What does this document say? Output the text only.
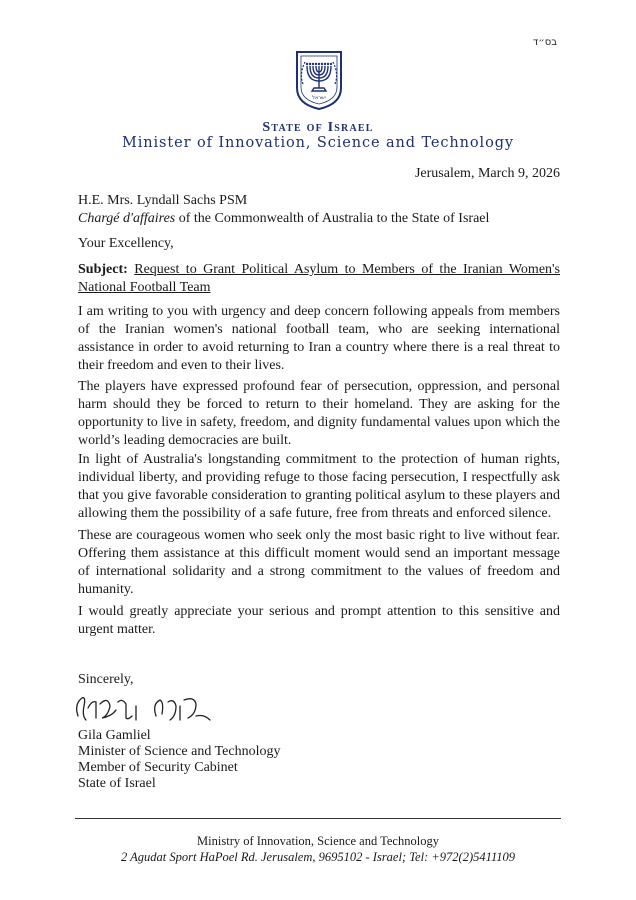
בס״ד
ישראל
State of Israel
Minister of Innovation, Science and Technology
Jerusalem, March 9, 2026
H.E. Mrs. Lyndall Sachs PSM
Chargé d'affaires of the Commonwealth of Australia to the State of Israel
Your Excellency,
Subject: Request to Grant Political Asylum to Members of the Iranian Women's National Football Team
I am writing to you with urgency and deep concern following appeals from members of the Iranian women's national football team, who are seeking international assistance in order to avoid returning to Iran a country where there is a real threat to their freedom and even to their lives.
The players have expressed profound fear of persecution, oppression, and personal harm should they be forced to return to their homeland. They are asking for the opportunity to live in safety, freedom, and dignity fundamental values upon which the world’s leading democracies are built.
In light of Australia's longstanding commitment to the protection of human rights, individual liberty, and providing refuge to those facing persecution, I respectfully ask that you give favorable consideration to granting political asylum to these players and allowing them the possibility of a safe future, free from threats and enforced silence.
These are courageous women who seek only the most basic right to live without fear. Offering them assistance at this difficult moment would send an important message of international solidarity and a strong commitment to the values of freedom and humanity.
I would greatly appreciate your serious and prompt attention to this sensitive and urgent matter.
Sincerely,
Gila Gamliel
Minister of Science and Technology
Member of Security Cabinet
State of Israel
Ministry of Innovation, Science and Technology
2 Agudat Sport HaPoel Rd. Jerusalem, 9695102 - Israel; Tel: +972(2)5411109
